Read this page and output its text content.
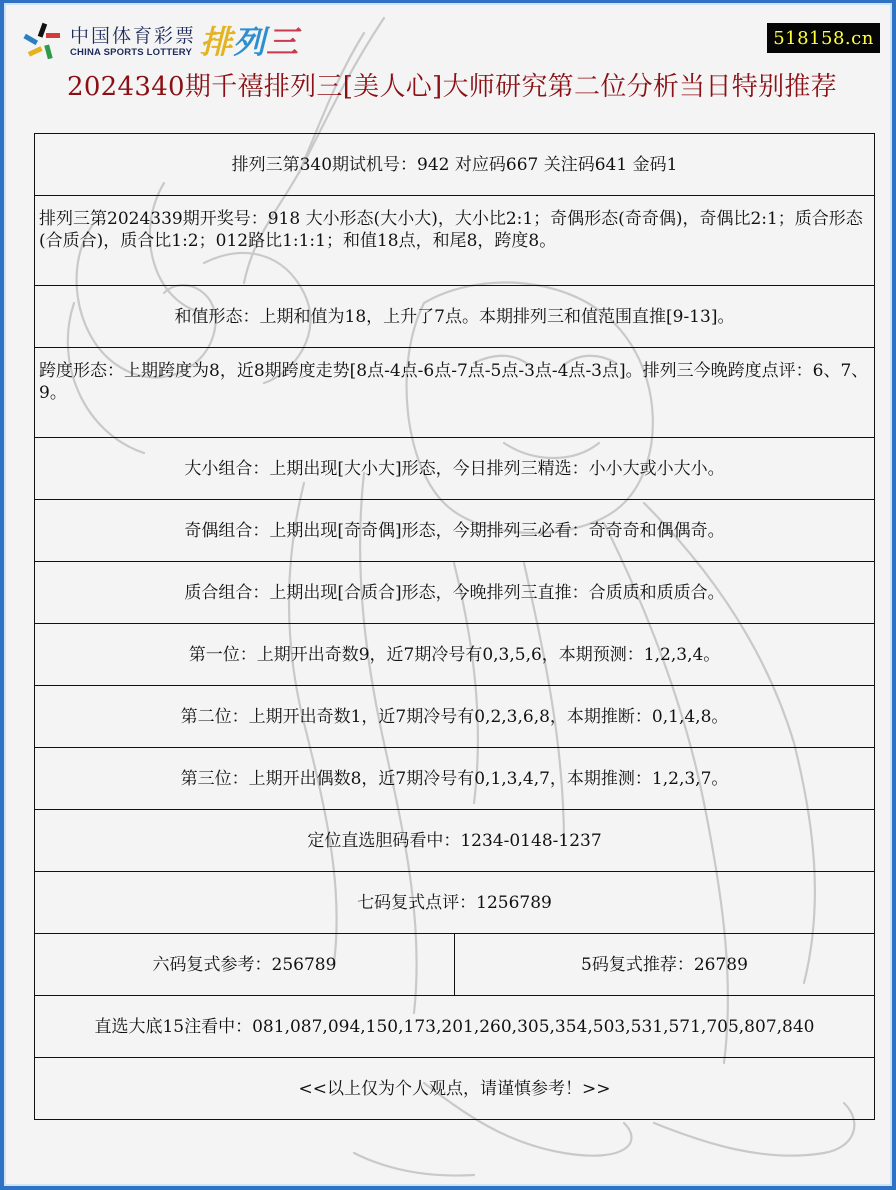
中国体育彩票
CHINA SPORTS LOTTERY 排列三	518158.cn
2024340期千禧排列三[美人心]大师研究第二位分析当日特别推荐
排列三第340期试机号：942 对应码667 关注码641 金码1
排列三第2024339期开奖号：918 大小形态(大小大)，大小比2:1；奇偶形态(奇奇偶)，奇偶比2:1；质合形态(合质合)，质合比1:2；012路比1:1:1；和值18点，和尾8，跨度8。
和值形态：上期和值为18，上升了7点。本期排列三和值范围直推[9-13]。
跨度形态：上期跨度为8，近8期跨度走势[8点-4点-6点-7点-5点-3点-4点-3点]。排列三今晚跨度点评：6、7、9。
大小组合：上期出现[大小大]形态，今日排列三精选：小小大或小大小。
奇偶组合：上期出现[奇奇偶]形态，今期排列三必看：奇奇奇和偶偶奇。
质合组合：上期出现[合质合]形态，今晚排列三直推：合质质和质质合。
第一位：上期开出奇数9，近7期冷号有0,3,5,6，本期预测：1,2,3,4。
第二位：上期开出奇数1，近7期冷号有0,2,3,6,8，本期推断：0,1,4,8。
第三位：上期开出偶数8，近7期冷号有0,1,3,4,7，本期推测：1,2,3,7。
定位直选胆码看中：1234-0148-1237
七码复式点评：1256789
六码复式参考：256789	5码复式推荐：26789
直选大底15注看中：081,087,094,150,173,201,260,305,354,503,531,571,705,807,840
<<以上仅为个人观点，请谨慎参考！>>
